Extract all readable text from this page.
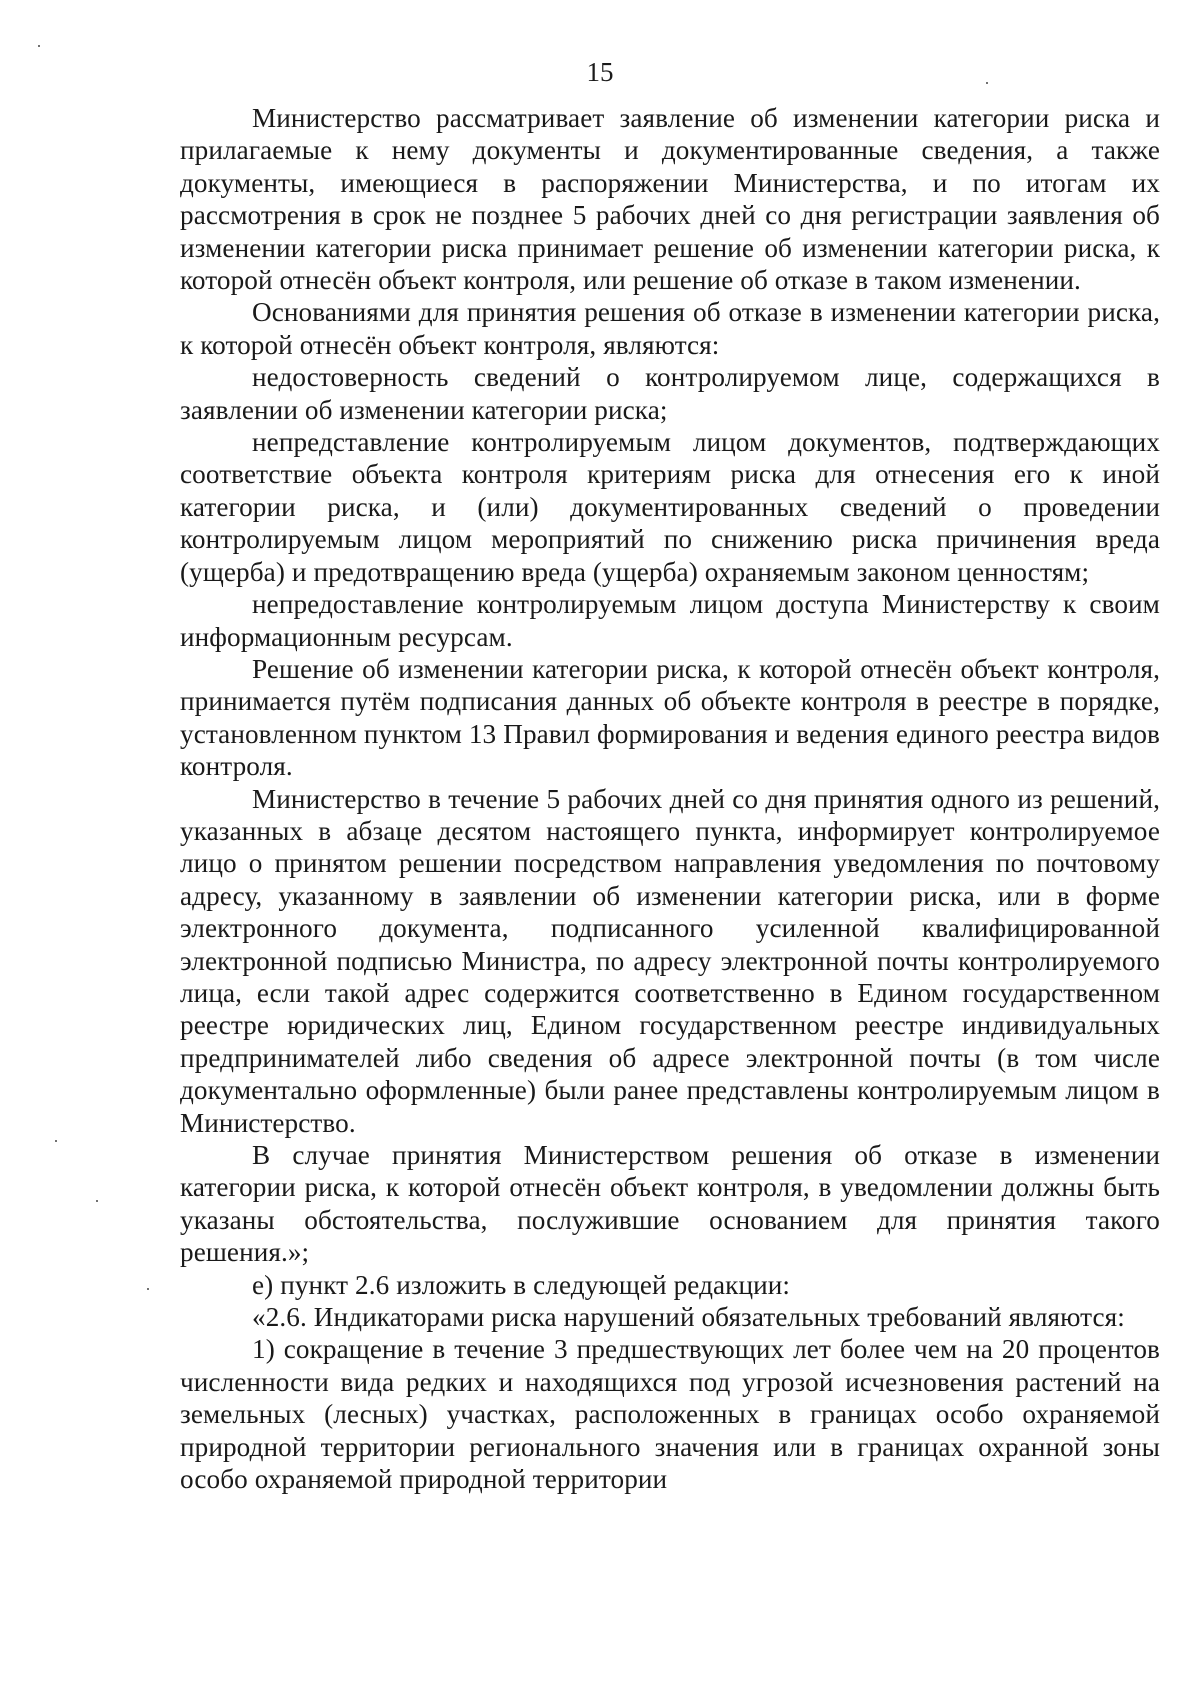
15

Министерство рассматривает заявление об изменении категории риска и прилагаемые к нему документы и документированные сведения, а также документы, имеющиеся в распоряжении Министерства, и по итогам их рассмотрения в срок не позднее 5 рабочих дней со дня регистрации заявления об изменении категории риска принимает решение об изменении категории риска, к которой отнесён объект контроля, или решение об отказе в таком изменении.

Основаниями для принятия решения об отказе в изменении категории риска, к которой отнесён объект контроля, являются:

недостоверность сведений о контролируемом лице, содержащихся в заявлении об изменении категории риска;

непредставление контролируемым лицом документов, подтверждающих соответствие объекта контроля критериям риска для отнесения его к иной категории риска, и (или) документированных сведений о проведении контролируемым лицом мероприятий по снижению риска причинения вреда (ущерба) и предотвращению вреда (ущерба) охраняемым законом ценностям;

непредоставление контролируемым лицом доступа Министерству к своим информационным ресурсам.

Решение об изменении категории риска, к которой отнесён объект контроля, принимается путём подписания данных об объекте контроля в реестре в порядке, установленном пунктом 13 Правил формирования и ведения единого реестра видов контроля.

Министерство в течение 5 рабочих дней со дня принятия одного из решений, указанных в абзаце десятом настоящего пункта, информирует контролируемое лицо о принятом решении посредством направления уведомления по почтовому адресу, указанному в заявлении об изменении категории риска, или в форме электронного документа, подписанного усиленной квалифицированной электронной подписью Министра, по адресу электронной почты контролируемого лица, если такой адрес содержится соответственно в Едином государственном реестре юридических лиц, Едином государственном реестре индивидуальных предпринимателей либо сведения об адресе электронной почты (в том числе документально оформленные) были ранее представлены контролируемым лицом в Министерство.

В случае принятия Министерством решения об отказе в изменении категории риска, к которой отнесён объект контроля, в уведомлении должны быть указаны обстоятельства, послужившие основанием для принятия такого решения.»;

е) пункт 2.6 изложить в следующей редакции:

«2.6. Индикаторами риска нарушений обязательных требований являются:

1) сокращение в течение 3 предшествующих лет более чем на 20 процентов численности вида редких и находящихся под угрозой исчезновения растений на земельных (лесных) участках, расположенных в границах особо охраняемой природной территории регионального значения или в границах охранной зоны особо охраняемой природной территории
